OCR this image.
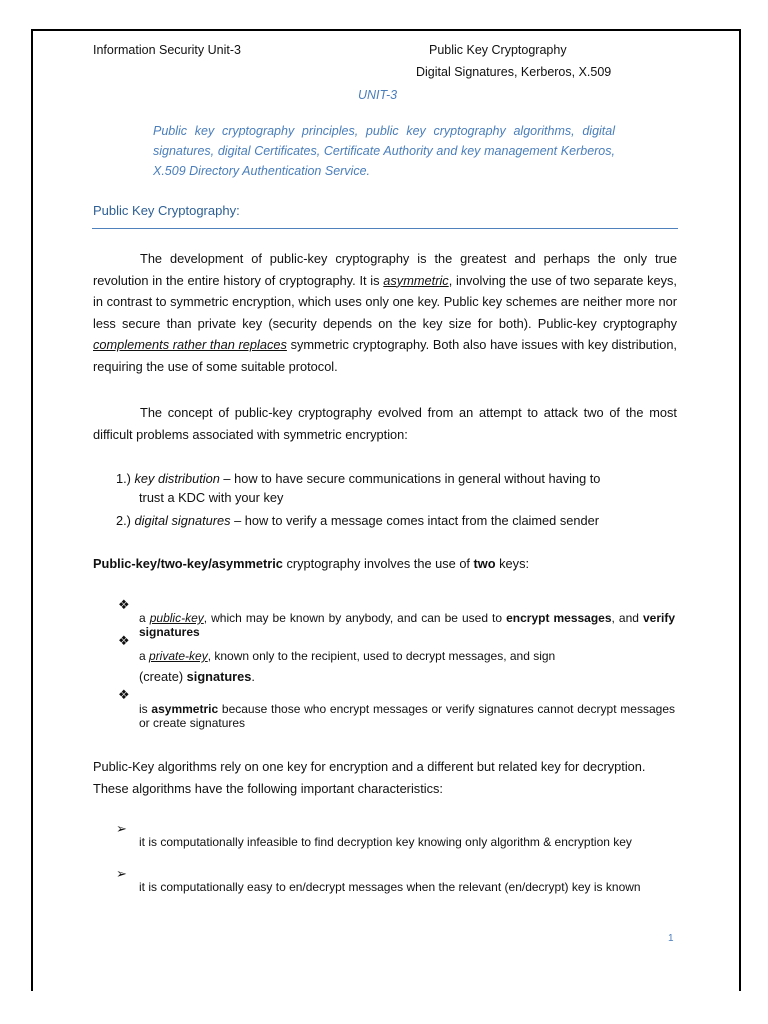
Information Security Unit-3	Public Key Cryptography
Digital Signatures, Kerberos, X.509
UNIT-3

Public key cryptography principles, public key cryptography algorithms, digital signatures, digital Certificates, Certificate Authority and key management Kerberos, X.509 Directory Authentication Service.

Public Key Cryptography:

The development of public-key cryptography is the greatest and perhaps the only true revolution in the entire history of cryptography. It is asymmetric, involving the use of two separate keys, in contrast to symmetric encryption, which uses only one key. Public key schemes are neither more nor less secure than private key (security depends on the key size for both). Public-key cryptography complements rather than replaces symmetric cryptography. Both also have issues with key distribution, requiring the use of some suitable protocol.

The concept of public-key cryptography evolved from an attempt to attack two of the most difficult problems associated with symmetric encryption:

1.) key distribution – how to have secure communications in general without having to
trust a KDC with your key
2.) digital signatures – how to verify a message comes intact from the claimed sender
Public-key/two-key/asymmetric cryptography involves the use of two keys:
❖

a public-key, which may be known by anybody, and can be used to encrypt messages, and verify signatures

❖
a private-key, known only to the recipient, used to decrypt messages, and sign
(create) signatures.
❖

is asymmetric because those who encrypt messages or verify signatures cannot decrypt messages or create signatures

Public-Key algorithms rely on one key for encryption and a different but related key for decryption. These algorithms have the following important characteristics:

➢

it is computationally infeasible to find decryption key knowing only algorithm & encryption key

➢

it is computationally easy to en/decrypt messages when the relevant (en/decrypt) key is known

1
